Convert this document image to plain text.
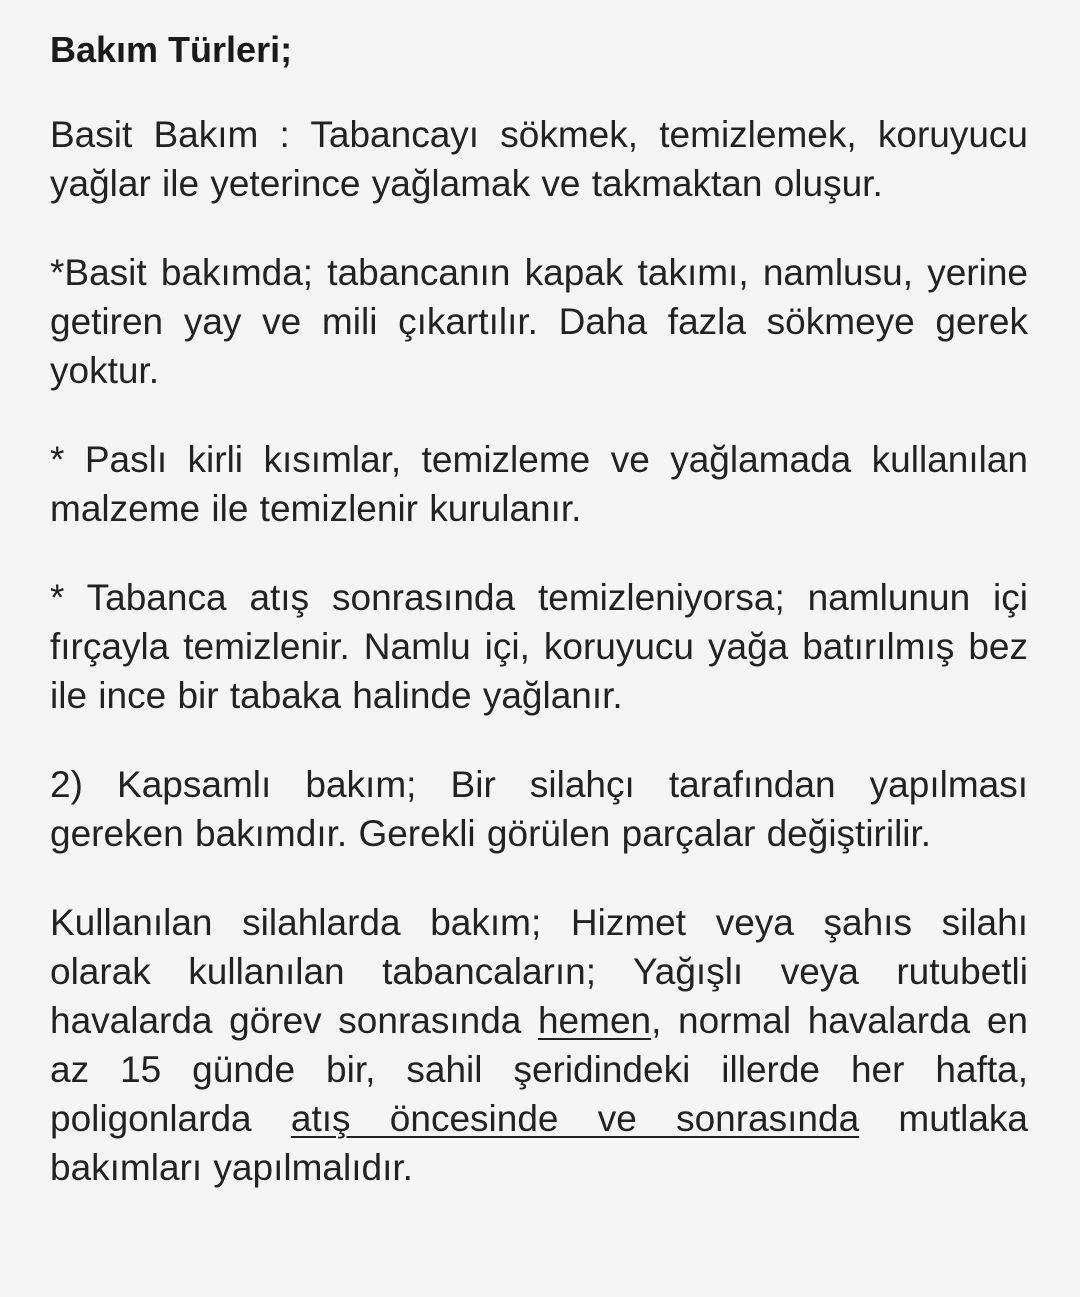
Bakım Türleri;

Basit Bakım : Tabancayı sökmek, temizlemek, koruyucu yağlar ile yeterince yağlamak ve takmaktan oluşur.

*Basit bakımda; tabancanın kapak takımı, namlusu, yerine getiren yay ve mili çıkartılır. Daha fazla sökmeye gerek yoktur.

* Paslı kirli kısımlar, temizleme ve yağlamada kullanılan malzeme ile temizlenir kurulanır.

* Tabanca atış sonrasında temizleniyorsa; namlunun içi fırçayla temizlenir. Namlu içi, koruyucu yağa batırılmış bez ile ince bir tabaka halinde yağlanır.

2) Kapsamlı bakım; Bir silahçı tarafından yapılması gereken bakımdır. Gerekli görülen parçalar değiştirilir.

Kullanılan silahlarda bakım; Hizmet veya şahıs silahı olarak kullanılan tabancaların; Yağışlı veya rutubetli havalarda görev sonrasında hemen, normal havalarda en az 15 günde bir, sahil şeridindeki illerde her hafta, poligonlarda atış öncesinde ve sonrasında mutlaka bakımları yapılmalıdır.
